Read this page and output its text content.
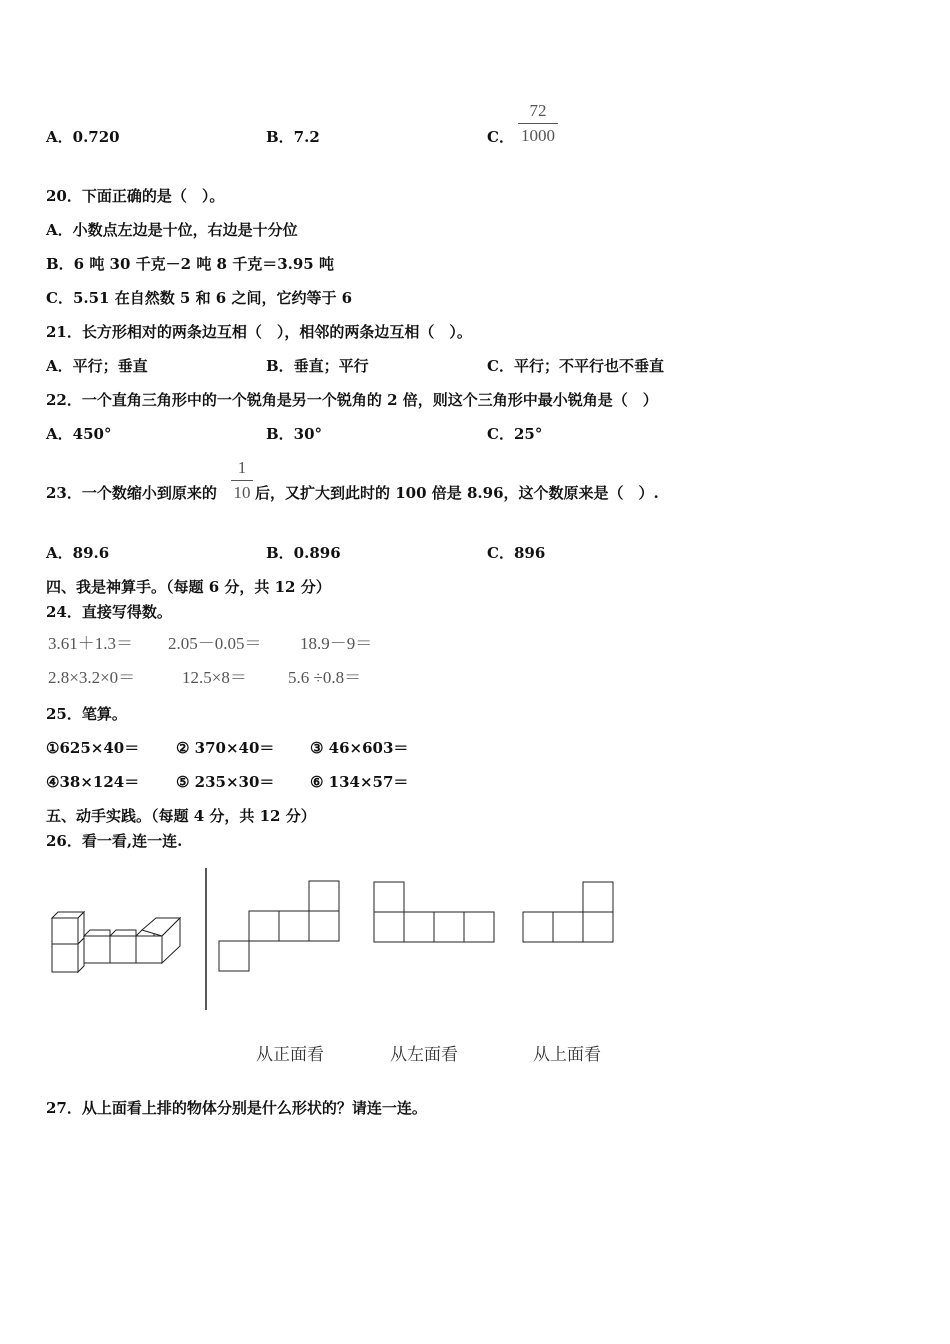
A．0.720	B．7.2	C．
72
1000
20．下面正确的是（　）。
A．小数点左边是十位，右边是十分位
B．6 吨 30 千克－2 吨 8 千克＝3.95 吨
C．5.51 在自然数 5 和 6 之间，它约等于 6
21．长方形相对的两条边互相（　），相邻的两条边互相（　）。
A．平行；垂直	B．垂直；平行	C．平行；不平行也不垂直
22．一个直角三角形中的一个锐角是另一个锐角的 2 倍，则这个三角形中最小锐角是（　）
A．450°	B．30°	C．25°
23．一个数缩小到原来的
1
10 后，又扩大到此时的 100 倍是 8.96，这个数原来是（　）.
A．89.6	B．0.896	C．896
四、我是神算手。（每题 6 分，共 12 分）
24．直接写得数。
3.61＋1.3＝ 2.05－0.05＝ 18.9－9＝
2.8×3.2×0＝	12.5×8＝ 5.6 ÷0.8＝
25．笔算。
①625×40＝ ② 370×40＝ ③ 46×603＝
④38×124＝ ⑤ 235×30＝ ⑥ 134×57＝
五、动手实践。（每题 4 分，共 12 分）
26．看一看,连一连.
从正面看	从左面看	从上面看
27．从上面看上排的物体分别是什么形状的？请连一连。
